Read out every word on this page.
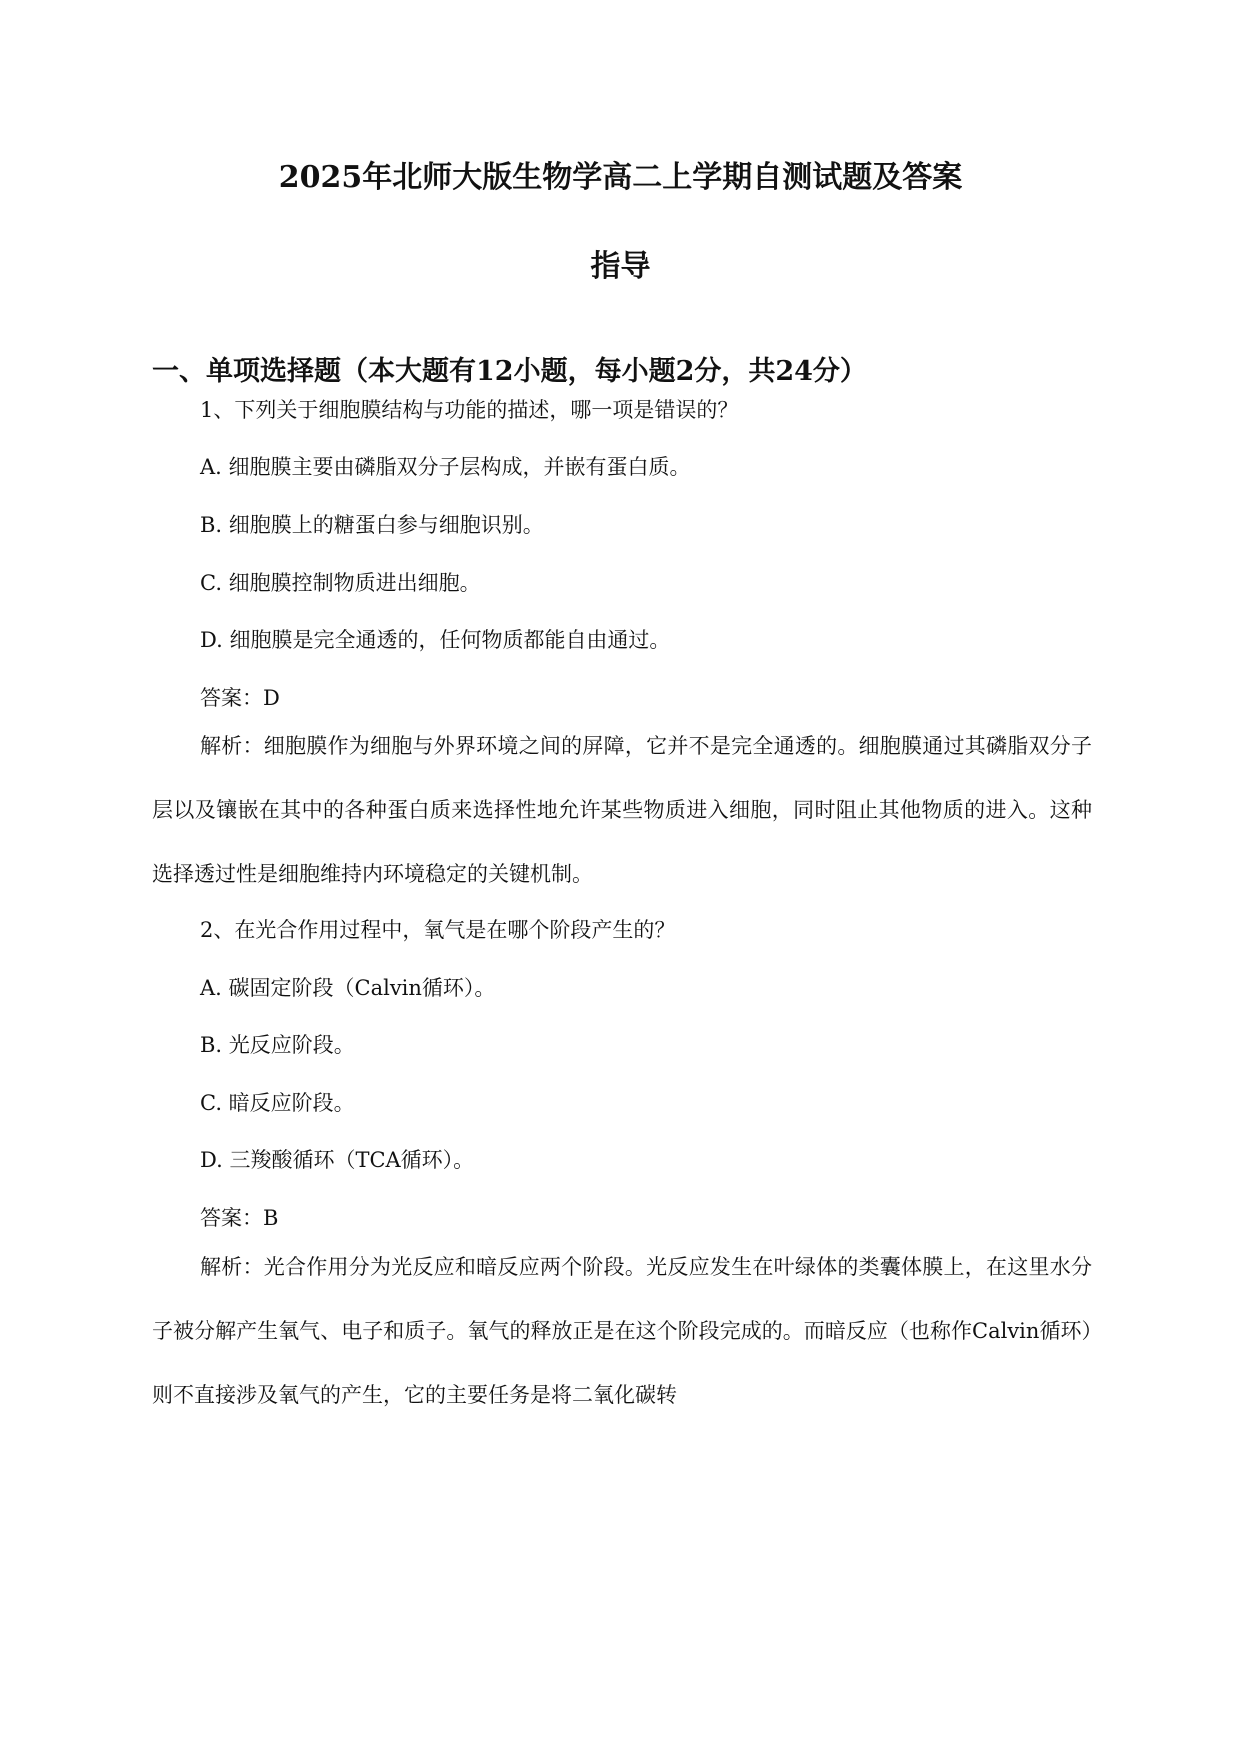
2025年北师大版生物学高二上学期自测试题及答案
指导
一、单项选择题（本大题有12小题，每小题2分，共24分）
1、下列关于细胞膜结构与功能的描述，哪一项是错误的？
A. 细胞膜主要由磷脂双分子层构成，并嵌有蛋白质。
B. 细胞膜上的糖蛋白参与细胞识别。
C. 细胞膜控制物质进出细胞。
D. 细胞膜是完全通透的，任何物质都能自由通过。
答案：D

解析：细胞膜作为细胞与外界环境之间的屏障，它并不是完全通透的。细胞膜通过其磷脂双分子层以及镶嵌在其中的各种蛋白质来选择性地允许某些物质进入细胞，同时阻止其他物质的进入。这种选择透过性是细胞维持内环境稳定的关键机制。

2、在光合作用过程中，氧气是在哪个阶段产生的？
A. 碳固定阶段（Calvin循环）。
B. 光反应阶段。
C. 暗反应阶段。
D. 三羧酸循环（TCA循环）。
答案：B

解析：光合作用分为光反应和暗反应两个阶段。光反应发生在叶绿体的类囊体膜上，在这里水分子被分解产生氧气、电子和质子。氧气的释放正是在这个阶段完成的。而暗反应（也称作Calvin循环）则不直接涉及氧气的产生，它的主要任务是将二氧化碳转
